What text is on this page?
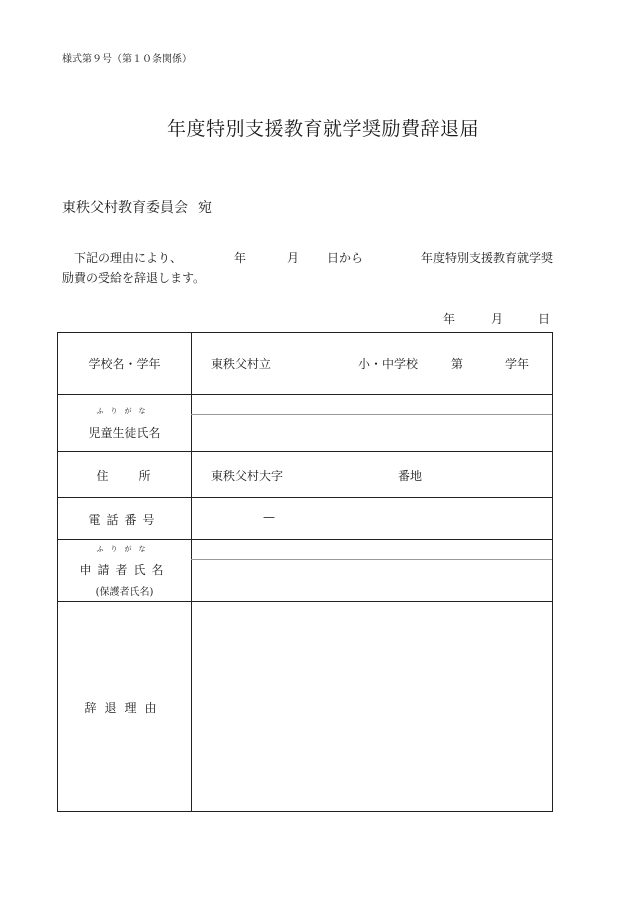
様式第９号（第１０条関係）
年度特別支援教育就学奨励費辞退届
東秩父村教育委員会 宛
下記の理由により、	年	月 日から	年度特別支援教育就学奨
励費の受給を辞退します。
年	月	日
学校名・学年	東秩父村立	小・中学校	第	学年
ふりがな
児童生徒氏名
住　　所	東秩父村大字	番地
電話番号	—
ふりがな
申請者氏名
(保護者氏名)
辞退理由
